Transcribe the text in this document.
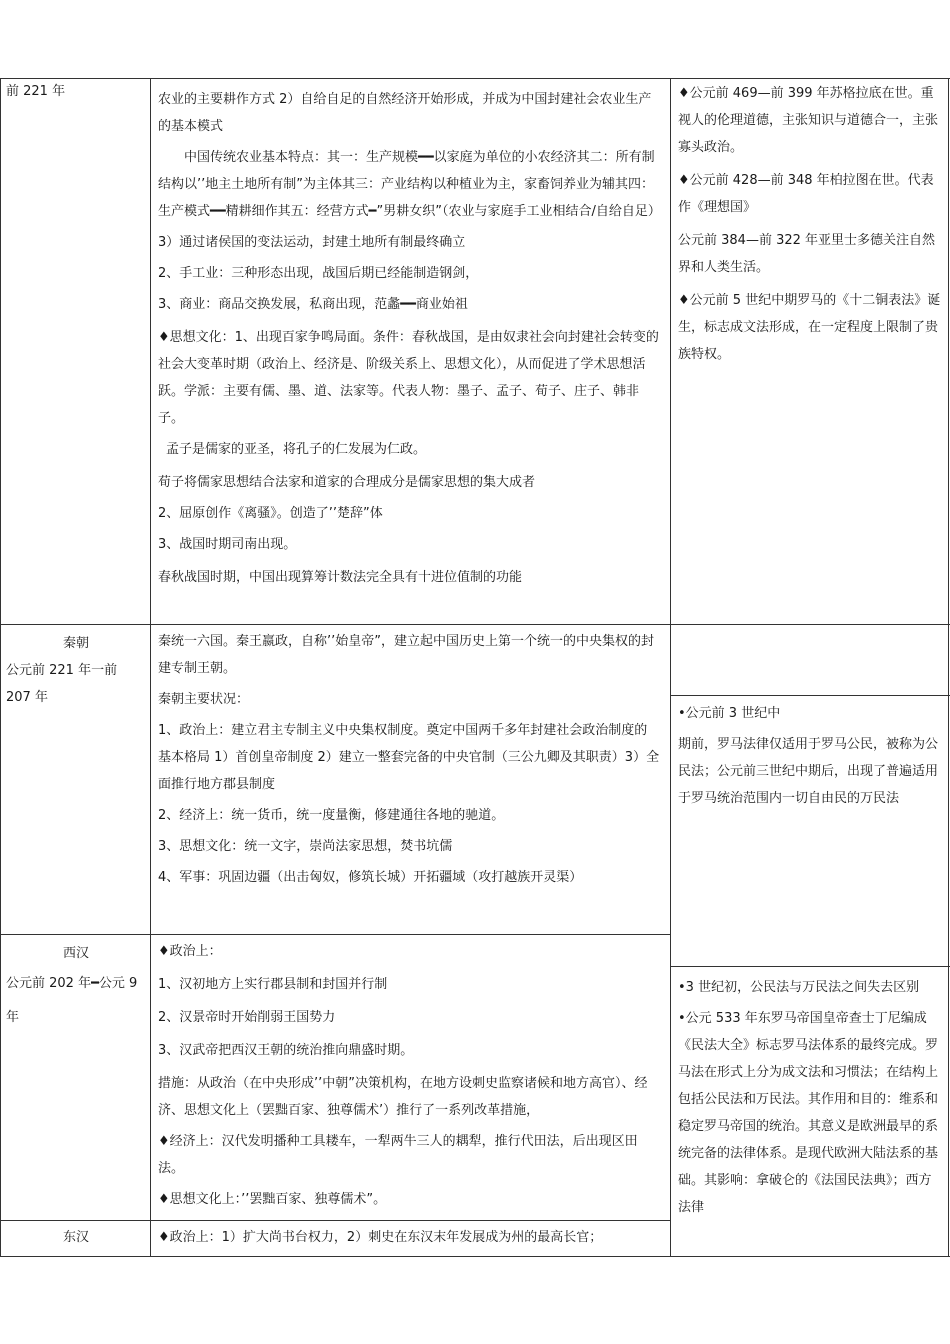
前 221 年

农业的主要耕作方式 2）自给自足的自然经济开始形成，并成为中国封建社会农业生产的基本模式

中国传统农业基本特点：其一：生产规模━━以家庭为单位的小农经济其二：所有制结构以’’地主土地所有制”为主体其三：产业结构以种植业为主，家畜饲养业为辅其四：生产模式━━精耕细作其五：经营方式━”男耕女织”（农业与家庭手工业相结合/自给自足）

3）通过诸侯国的变法运动，封建土地所有制最终确立

2、手工业：三种形态出现，战国后期已经能制造钢剑，

3、商业：商品交换发展，私商出现，范蠡━━商业始祖

♦思想文化：1、出现百家争鸣局面。条件：春秋战国，是由奴隶社会向封建社会转变的社会大变革时期（政治上、经济是、阶级关系上、思想文化），从而促进了学术思想活跃。学派：主要有儒、墨、道、法家等。代表人物：墨子、孟子、荀子、庄子、韩非子。

孟子是儒家的亚圣，将孔子的仁发展为仁政。

荀子将儒家思想结合法家和道家的合理成分是儒家思想的集大成者

2、屈原创作《离骚》。创造了’’楚辞”体

3、战国时期司南出现。

春秋战国时期，中国出现算筹计数法完全具有十进位值制的功能

♦公元前 469—前 399 年苏格拉底在世。重视人的伦理道德，主张知识与道德合一，主张寡头政治。

♦公元前 428—前 348 年柏拉图在世。代表作《理想国》

公元前 384—前 322 年亚里士多德关注自然界和人类生活。

♦公元前 5 世纪中期罗马的《十二铜表法》诞生，标志成文法形成，在一定程度上限制了贵族特权。

秦朝

公元前 221 年一前 207 年

秦统一六国。秦王嬴政，自称’’始皇帝”，建立起中国历史上第一个统一的中央集权的封建专制王朝。

秦朝主要状况：

1、政治上：建立君主专制主义中央集权制度。奠定中国两千多年封建社会政治制度的基本格局 1）首创皇帝制度 2）建立一整套完备的中央官制（三公九卿及其职责）3）全面推行地方郡县制度

2、经济上：统一货币，统一度量衡，修建通往各地的驰道。

3、思想文化：统一文字，崇尚法家思想，焚书坑儒

4、军事：巩固边疆（出击匈奴，修筑长城）开拓疆域（攻打越族开灵渠）

•公元前 3 世纪中

期前，罗马法律仅适用于罗马公民，被称为公民法；公元前三世纪中期后，出现了普遍适用于罗马统治范围内一切自由民的万民法

西汉

公元前 202 年━公元 9 年

♦政治上：

1、汉初地方上实行郡县制和封国并行制

2、汉景帝时开始削弱王国势力

3、汉武帝把西汉王朝的统治推向鼎盛时期。

措施：从政治（在中央形成’’中朝”决策机构，在地方设刺史监察诸候和地方高官）、经济、思想文化上（罢黜百家、独尊儒术’）推行了一系列改革措施，

♦经济上：汉代发明播种工具耧车，一犁两牛三人的耦犁，推行代田法，后出现区田法。

♦思想文化上：’’罢黜百家、独尊儒术”。

•3 世纪初，公民法与万民法之间失去区别

•公元 533 年东罗马帝国皇帝查士丁尼编成《民法大全》标志罗马法体系的最终完成。罗马法在形式上分为成文法和习惯法；在结构上包括公民法和万民法。其作用和目的：维系和稳定罗马帝国的统治。其意义是欧洲最早的系统完备的法律体系。是现代欧洲大陆法系的基础。其影响：拿破仑的《法国民法典》；西方法律

东汉	♦政治上：1）扩大尚书台权力，2）刺史在东汉末年发展成为州的最高长官；
